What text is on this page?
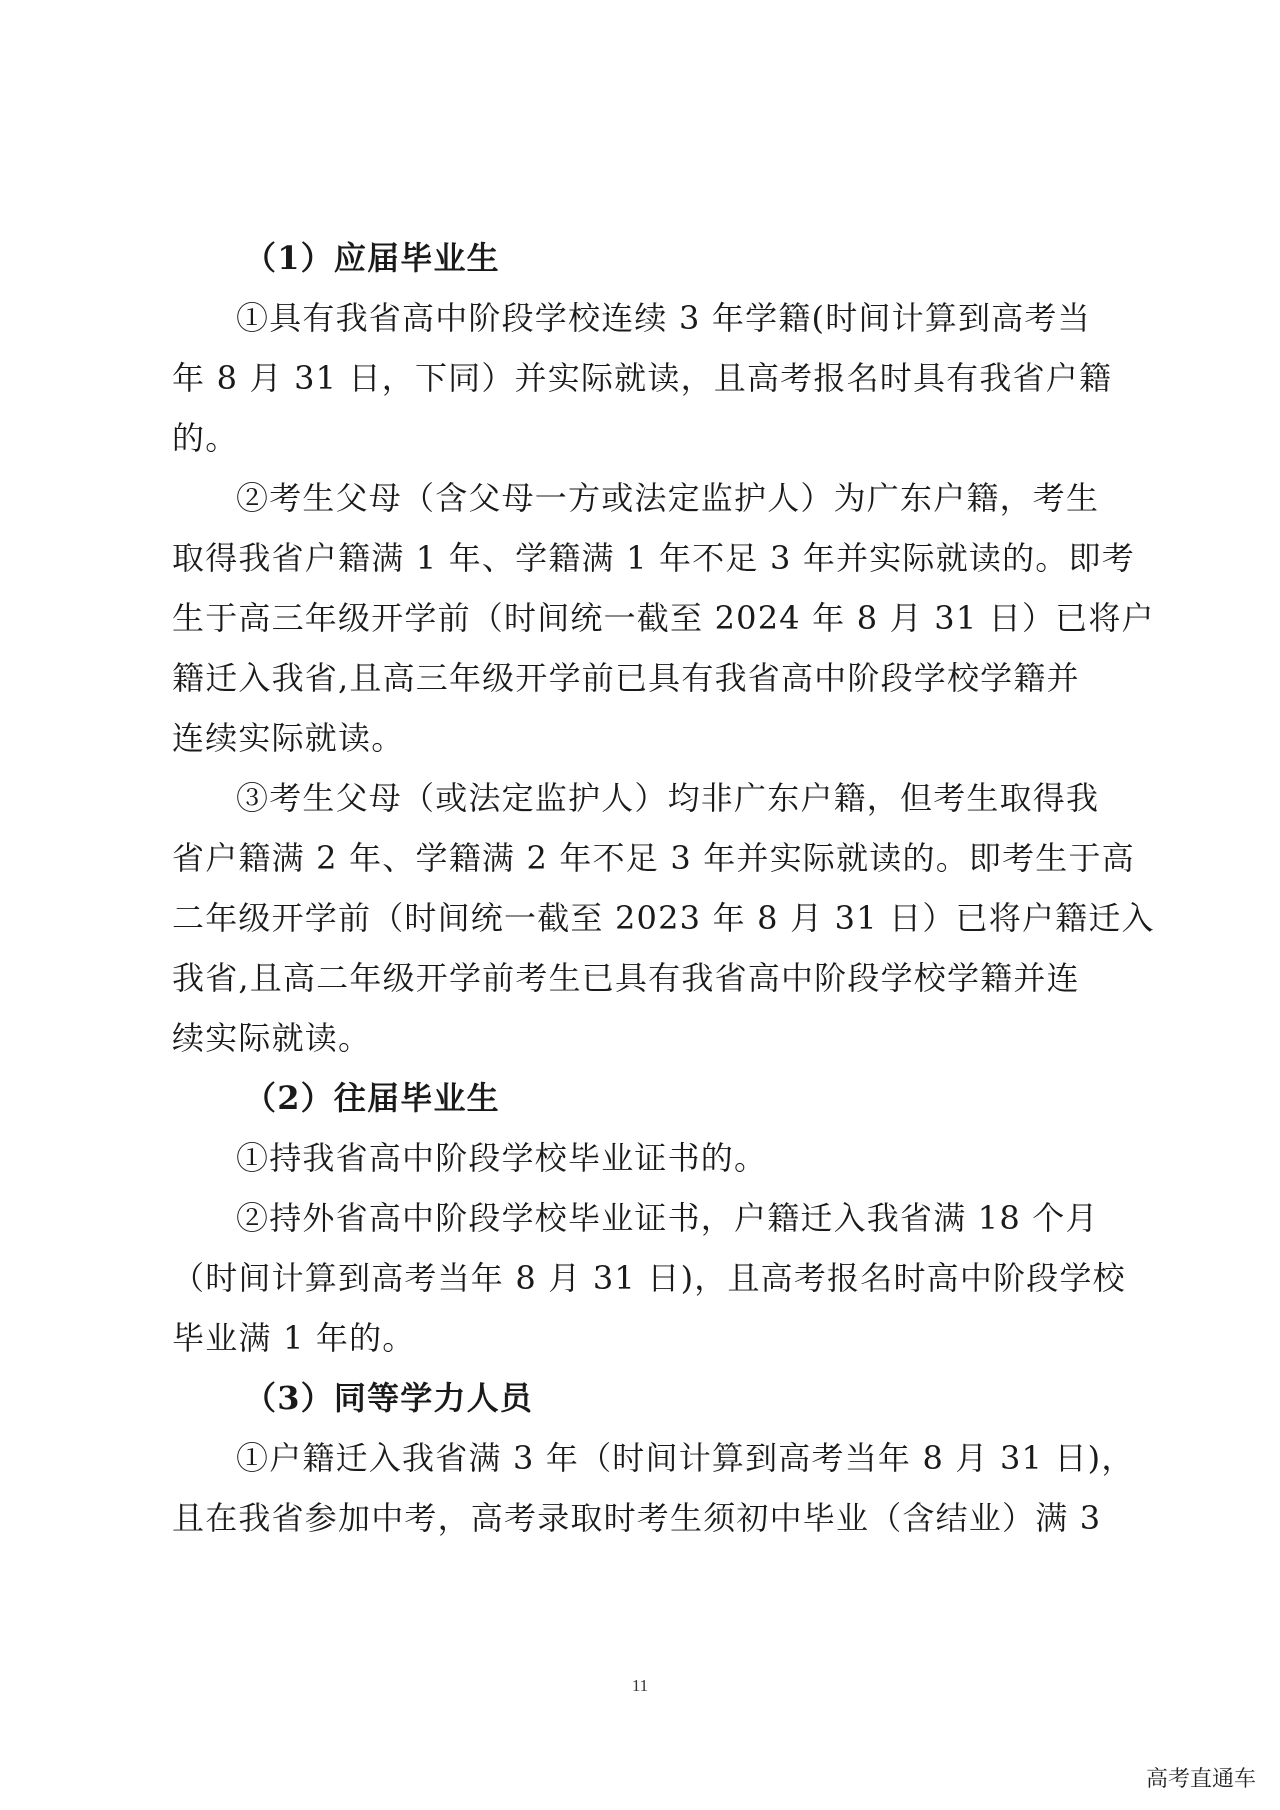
（1）应届毕业生
①具有我省高中阶段学校连续 3 年学籍(时间计算到高考当
年 8 月 31 日，下同）并实际就读，且高考报名时具有我省户籍
的。
②考生父母（含父母一方或法定监护人）为广东户籍，考生
取得我省户籍满 1 年、学籍满 1 年不足 3 年并实际就读的。即考
生于高三年级开学前（时间统一截至 2024 年 8 月 31 日）已将户
籍迁入我省,且高三年级开学前已具有我省高中阶段学校学籍并
连续实际就读。
③考生父母（或法定监护人）均非广东户籍，但考生取得我
省户籍满 2 年、学籍满 2 年不足 3 年并实际就读的。即考生于高
二年级开学前（时间统一截至 2023 年 8 月 31 日）已将户籍迁入
我省,且高二年级开学前考生已具有我省高中阶段学校学籍并连
续实际就读。
（2）往届毕业生
①持我省高中阶段学校毕业证书的。
②持外省高中阶段学校毕业证书，户籍迁入我省满 18 个月
（时间计算到高考当年 8 月 31 日)，且高考报名时高中阶段学校
毕业满 1 年的。
（3）同等学力人员
①户籍迁入我省满 3 年（时间计算到高考当年 8 月 31 日)，
且在我省参加中考，高考录取时考生须初中毕业（含结业）满 3
11
高考直通车
